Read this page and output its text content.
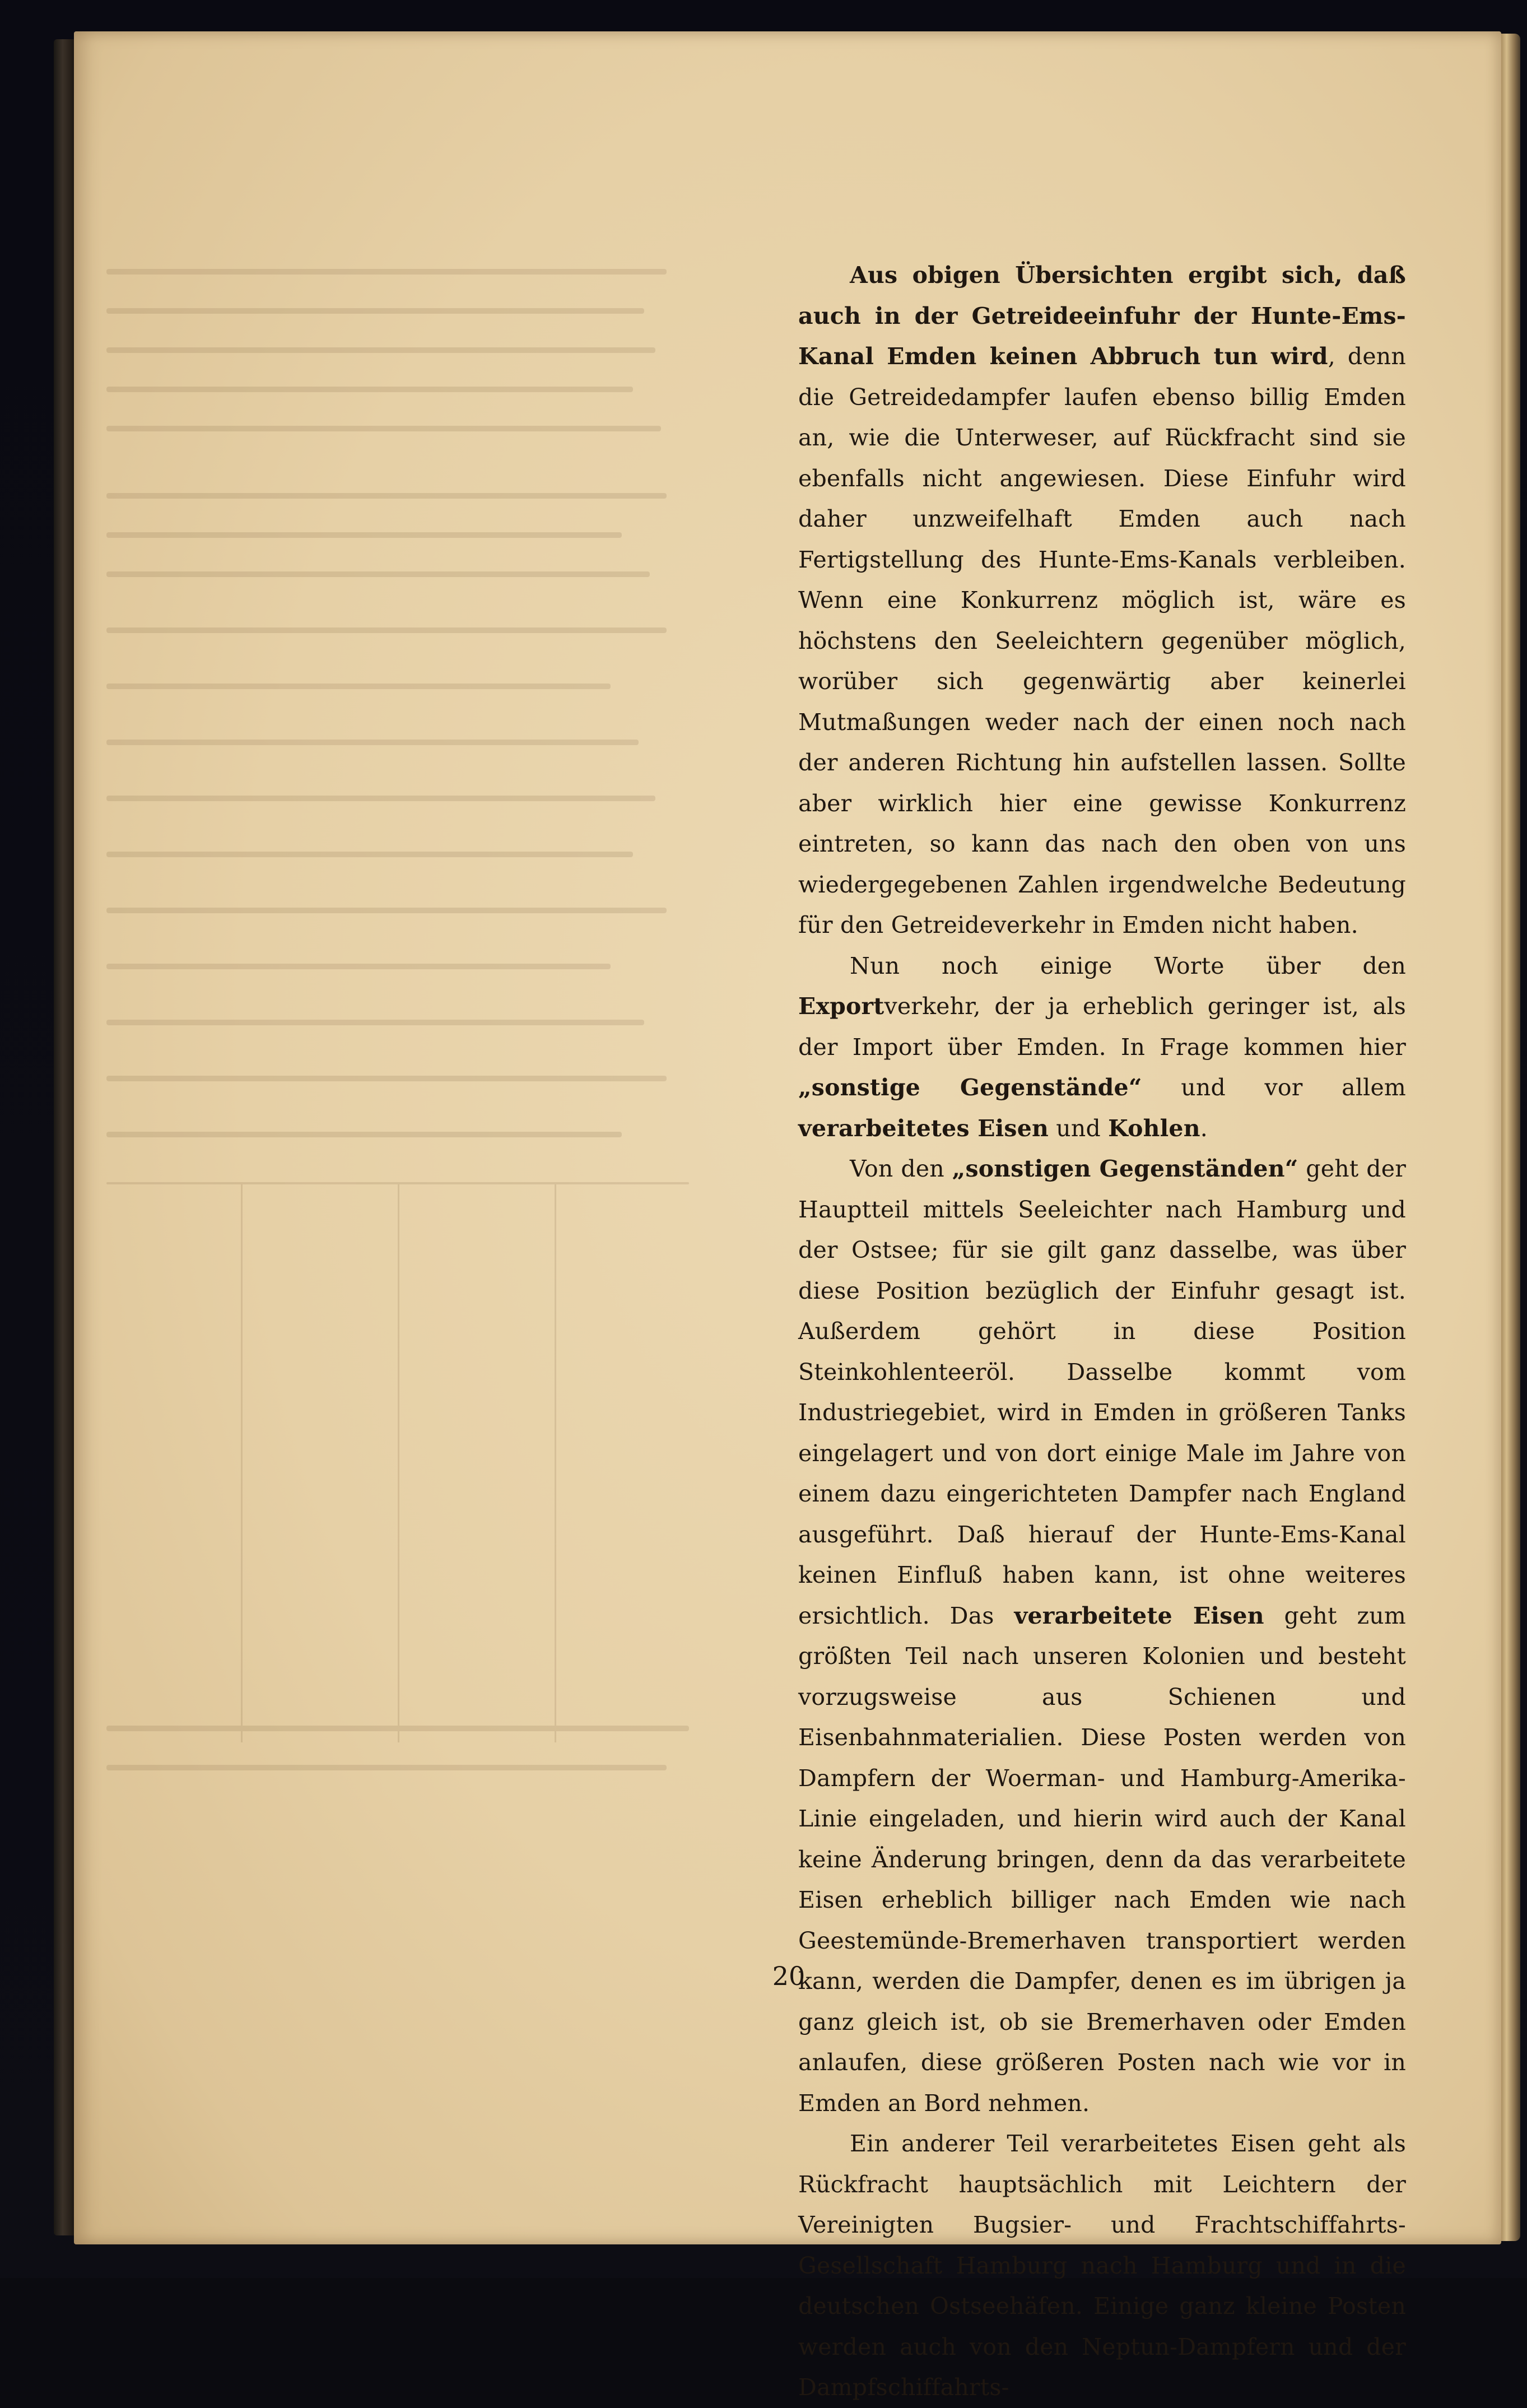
Aus obigen Übersichten ergibt sich, daß auch in der Getreideeinfuhr der Hunte-Ems-Kanal Emden keinen Abbruch tun wird, denn die Getreidedampfer laufen ebenso billig Emden an, wie die Unterweser, auf Rückfracht sind sie ebenfalls nicht angewiesen. Diese Einfuhr wird daher unzweifelhaft Emden auch nach Fertigstellung des Hunte-Ems-Kanals verbleiben. Wenn eine Konkurrenz möglich ist, wäre es höchstens den Seeleichtern gegenüber möglich, worüber sich gegenwärtig aber keinerlei Mutmaßungen weder nach der einen noch nach der anderen Richtung hin aufstellen lassen. Sollte aber wirklich hier eine gewisse Konkurrenz eintreten, so kann das nach den oben von uns wiedergegebenen Zahlen irgendwelche Bedeutung für den Getreideverkehr in Emden nicht haben.

Nun noch einige Worte über den Exportverkehr, der ja erheblich geringer ist, als der Import über Emden. In Frage kommen hier „sonstige Gegenstände“ und vor allem verarbeitetes Eisen und Kohlen.

Von den „sonstigen Gegenständen“ geht der Hauptteil mittels Seeleichter nach Hamburg und der Ostsee; für sie gilt ganz dasselbe, was über diese Position bezüglich der Einfuhr gesagt ist. Außerdem gehört in diese Position Steinkohlenteeröl. Dasselbe kommt vom Industriegebiet, wird in Emden in größeren Tanks eingelagert und von dort einige Male im Jahre von einem dazu eingerichteten Dampfer nach England ausgeführt. Daß hierauf der Hunte-Ems-Kanal keinen Einfluß haben kann, ist ohne weiteres ersichtlich. Das verarbeitete Eisen geht zum größten Teil nach unseren Kolonien und besteht vorzugsweise aus Schienen und Eisenbahnmaterialien. Diese Posten werden von Dampfern der Woerman- und Hamburg-Amerika-Linie eingeladen, und hierin wird auch der Kanal keine Änderung bringen, denn da das verarbeitete Eisen erheblich billiger nach Emden wie nach Geestemünde-Bremerhaven transportiert werden kann, werden die Dampfer, denen es im übrigen ja ganz gleich ist, ob sie Bremerhaven oder Emden anlaufen, diese größeren Posten nach wie vor in Emden an Bord nehmen.

Ein anderer Teil verarbeitetes Eisen geht als Rückfracht hauptsächlich mit Leichtern der Vereinigten Bugsier- und Frachtschiffahrts-Gesellschaft Hamburg nach Hamburg und in die deutschen Ostseehäfen. Einige ganz kleine Posten werden auch von den Neptun-Dampfern und der Dampfschiffahrts-

20
